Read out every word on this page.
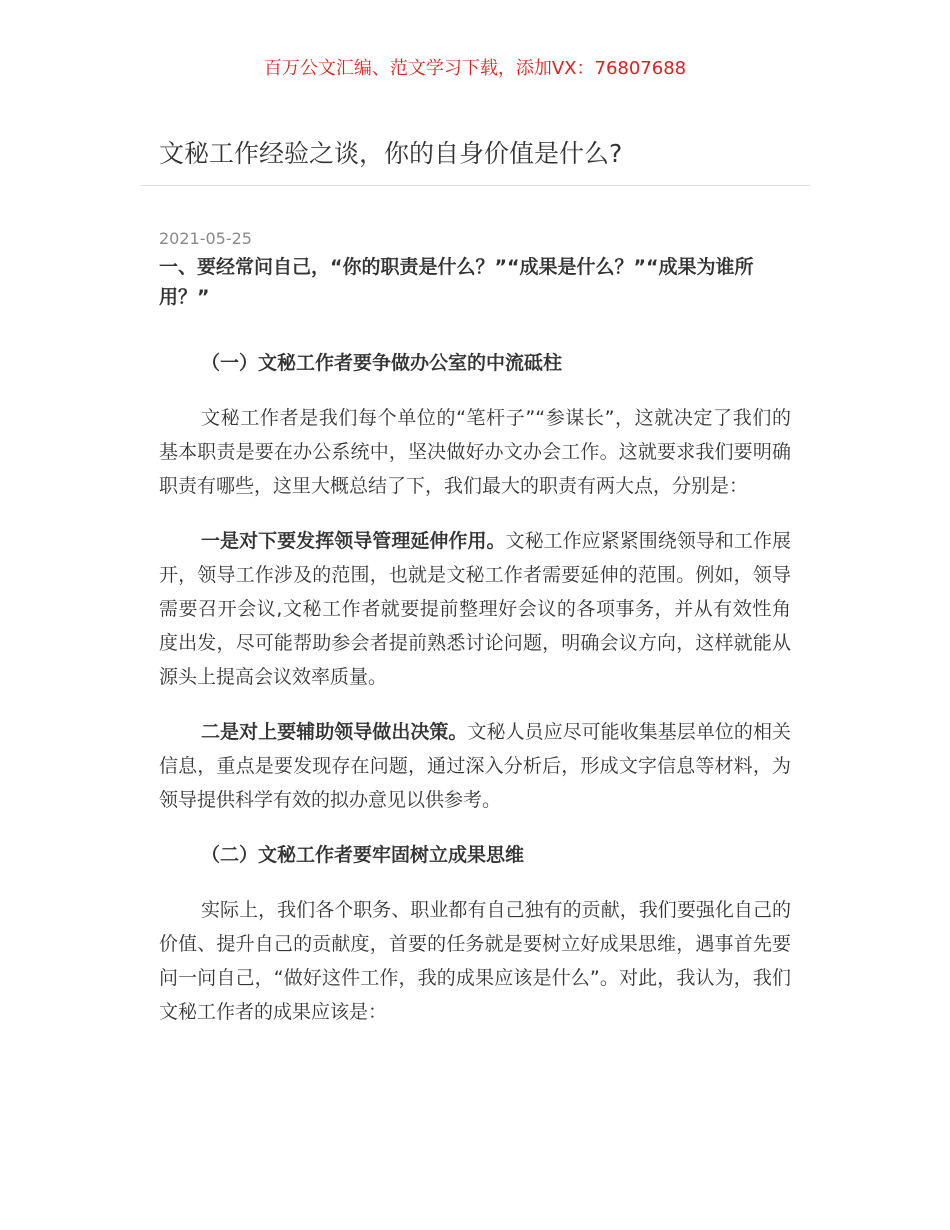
百万公文汇编、范文学习下载，添加VX：76807688
文秘工作经验之谈，你的自身价值是什么?
2021-05-25

一、要经常问自己，“你的职责是什么？”“成果是什么？”“成果为谁所用？”

（一）文秘工作者要争做办公室的中流砥柱

文秘工作者是我们每个单位的“笔杆子”“参谋长”，这就决定了我们的基本职责是要在办公系统中，坚决做好办文办会工作。这就要求我们要明确职责有哪些，这里大概总结了下，我们最大的职责有两大点，分别是：

一是对下要发挥领导管理延伸作用。文秘工作应紧紧围绕领导和工作展开，领导工作涉及的范围，也就是文秘工作者需要延伸的范围。例如，领导需要召开会议,文秘工作者就要提前整理好会议的各项事务，并从有效性角度出发，尽可能帮助参会者提前熟悉讨论问题，明确会议方向，这样就能从源头上提高会议效率质量。

二是对上要辅助领导做出决策。文秘人员应尽可能收集基层单位的相关信息，重点是要发现存在问题，通过深入分析后，形成文字信息等材料，为领导提供科学有效的拟办意见以供参考。

（二）文秘工作者要牢固树立成果思维

实际上，我们各个职务、职业都有自己独有的贡献，我们要强化自己的价值、提升自己的贡献度，首要的任务就是要树立好成果思维，遇事首先要问一问自己，“做好这件工作，我的成果应该是什么”。对此，我认为，我们文秘工作者的成果应该是：
